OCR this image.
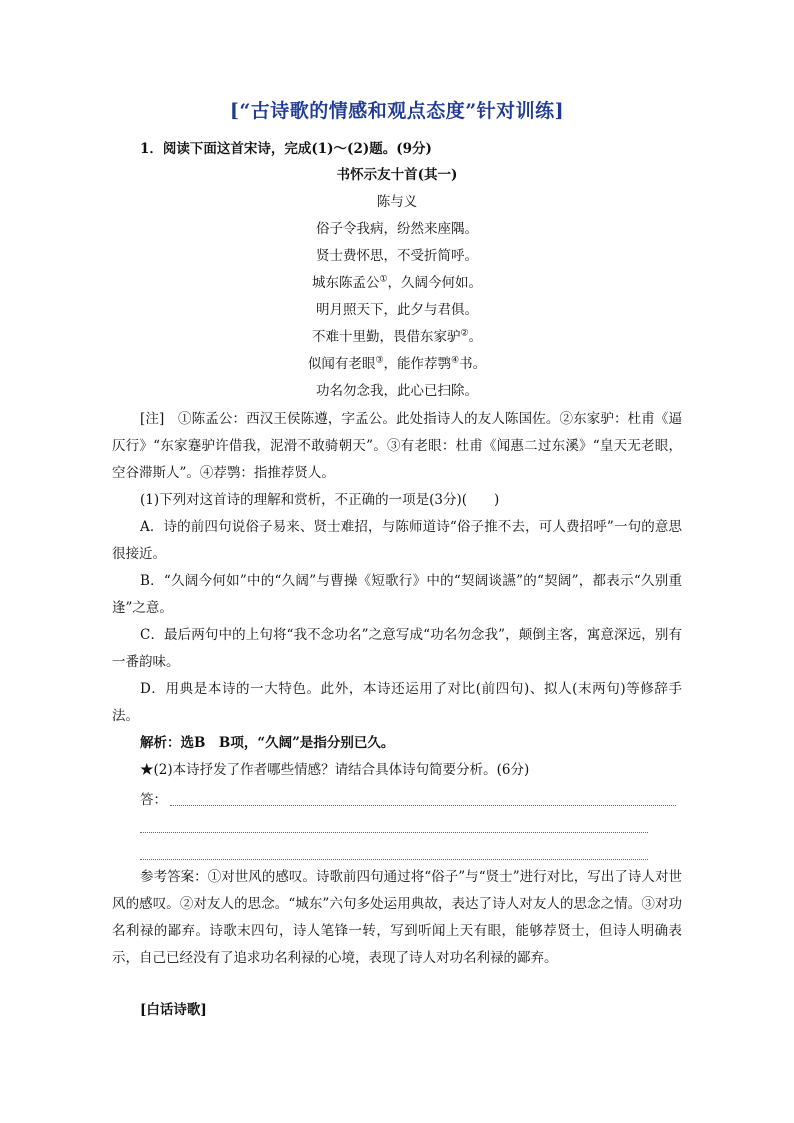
[“古诗歌的情感和观点态度”针对训练]
1．阅读下面这首宋诗，完成(1)～(2)题。(9分)
书怀示友十首(其一)
陈与义
俗子令我病，纷然来座隅。
贤士费怀思，不受折简呼。
城东陈孟公①，久阔今何如。
明月照天下，此夕与君俱。
不难十里勤，畏借东家驴②。
似闻有老眼③，能作荐鹗④书。
功名勿念我，此心已扫除。
[注]　①陈孟公：西汉王侯陈遵，字孟公。此处指诗人的友人陈国佐。②东家驴：杜甫《逼仄行》“东家蹇驴许借我，泥滑不敢骑朝天”。③有老眼：杜甫《闻惠二过东溪》“皇天无老眼，空谷滞斯人”。④荐鹗：指推荐贤人。
(1)下列对这首诗的理解和赏析，不正确的一项是(3分)(　　)
A．诗的前四句说俗子易来、贤士难招，与陈师道诗“俗子推不去，可人费招呼”一句的意思很接近。
B．“久阔今何如”中的“久阔”与曹操《短歌行》中的“契阔谈讌”的“契阔”，都表示“久别重逢”之意。
C．最后两句中的上句将“我不念功名”之意写成“功名勿念我”，颠倒主客，寓意深远，别有一番韵味。
D．用典是本诗的一大特色。此外，本诗还运用了对比(前四句)、拟人(末两句)等修辞手法。
解析：选B　B项，“久阔”是指分别已久。
★(2)本诗抒发了作者哪些情感？请结合具体诗句简要分析。(6分)
答：
参考答案：①对世风的感叹。诗歌前四句通过将“俗子”与“贤士”进行对比，写出了诗人对世风的感叹。②对友人的思念。“城东”六句多处运用典故，表达了诗人对友人的思念之情。③对功名利禄的鄙弃。诗歌末四句，诗人笔锋一转，写到听闻上天有眼，能够荐贤士，但诗人明确表示，自己已经没有了追求功名利禄的心境，表现了诗人对功名利禄的鄙弃。
[白话诗歌]
